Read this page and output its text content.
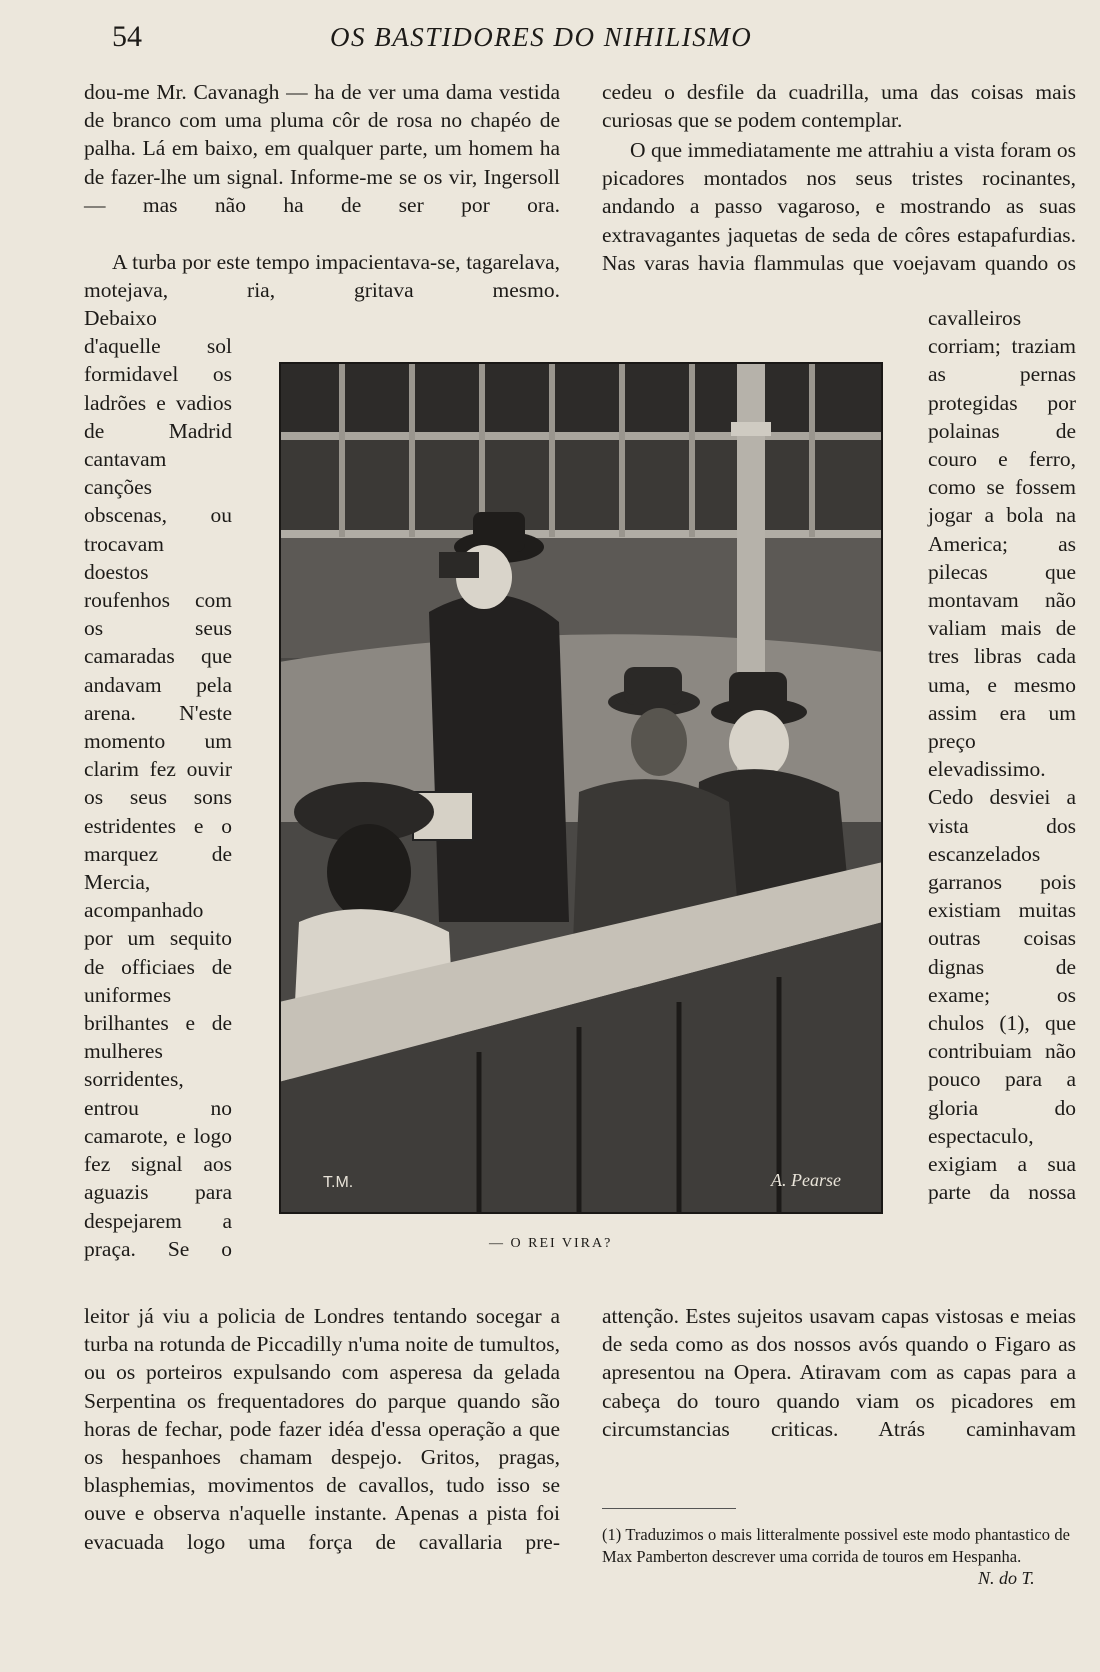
54	OS BASTIDORES DO NIHILISMO

dou-me Mr. Cavanagh — ha de ver uma dama vestida de branco com uma pluma côr de rosa no chapéo de palha. Lá em baixo, em qualquer parte, um homem ha de fazer-lhe um signal. Informe-me se os vir, Ingersoll — mas não ha de ser por ora.

A turba por este tempo impacientava-se, tagarelava, motejava, ria, gritava mesmo.

Debaixo d'aquelle sol formidavel os ladrões e vadios de Madrid cantavam canções obscenas, ou trocavam doestos roufenhos com os seus camaradas que andavam pela arena. N'este momento um clarim fez ouvir os seus sons estridentes e o marquez de Mercia, acompanhado por um sequito de officiaes de uniformes brilhantes e de mulheres sorridentes, entrou no camarote, e logo fez signal aos aguazis para despejarem a praça. Se o

leitor já viu a policia de Londres tentando socegar a turba na rotunda de Piccadilly n'uma noite de tumultos, ou os porteiros expulsando com asperesa da gelada Serpentina os frequentadores do parque quando são horas de fechar, pode fazer idéa d'essa operação a que os hespanhoes chamam despejo. Gritos, pragas, blasphemias, movimentos de cavallos, tudo isso se ouve e observa n'aquelle instante. Apenas a pista foi evacuada logo uma força de cavallaria pre-

cedeu o desfile da cuadrilla, uma das coisas mais curiosas que se podem contemplar.

O que immediatamente me attrahiu a vista foram os picadores montados nos seus tristes rocinantes, andando a passo vagaroso, e mostrando as suas extravagantes jaquetas de seda de côres estapafurdias. Nas varas havia flammulas que voejavam quando os

cavalleiros corriam; traziam as pernas protegidas por polainas de couro e ferro, como se fossem jogar a bola na America; as pilecas que montavam não valiam mais de tres libras cada uma, e mesmo assim era um preço elevadissimo. Cedo desviei a vista dos escanzelados garranos pois existiam muitas outras coisas dignas de exame; os chulos (1), que contribuiam não pouco para a gloria do espectaculo, exigiam a sua parte da nossa

attenção. Estes sujeitos usavam capas vistosas e meias de seda como as dos nossos avós quando o Figaro as apresentou na Opera. Atiravam com as capas para a cabeça do touro quando viam os picadores em circumstancias criticas. Atrás caminhavam

T.M.	A. Pearse
— O REI VIRA?

(1) Traduzimos o mais litteralmente possivel este modo phantastico de Max Pamberton descrever uma corrida de touros em Hespanha.

N. do T.
